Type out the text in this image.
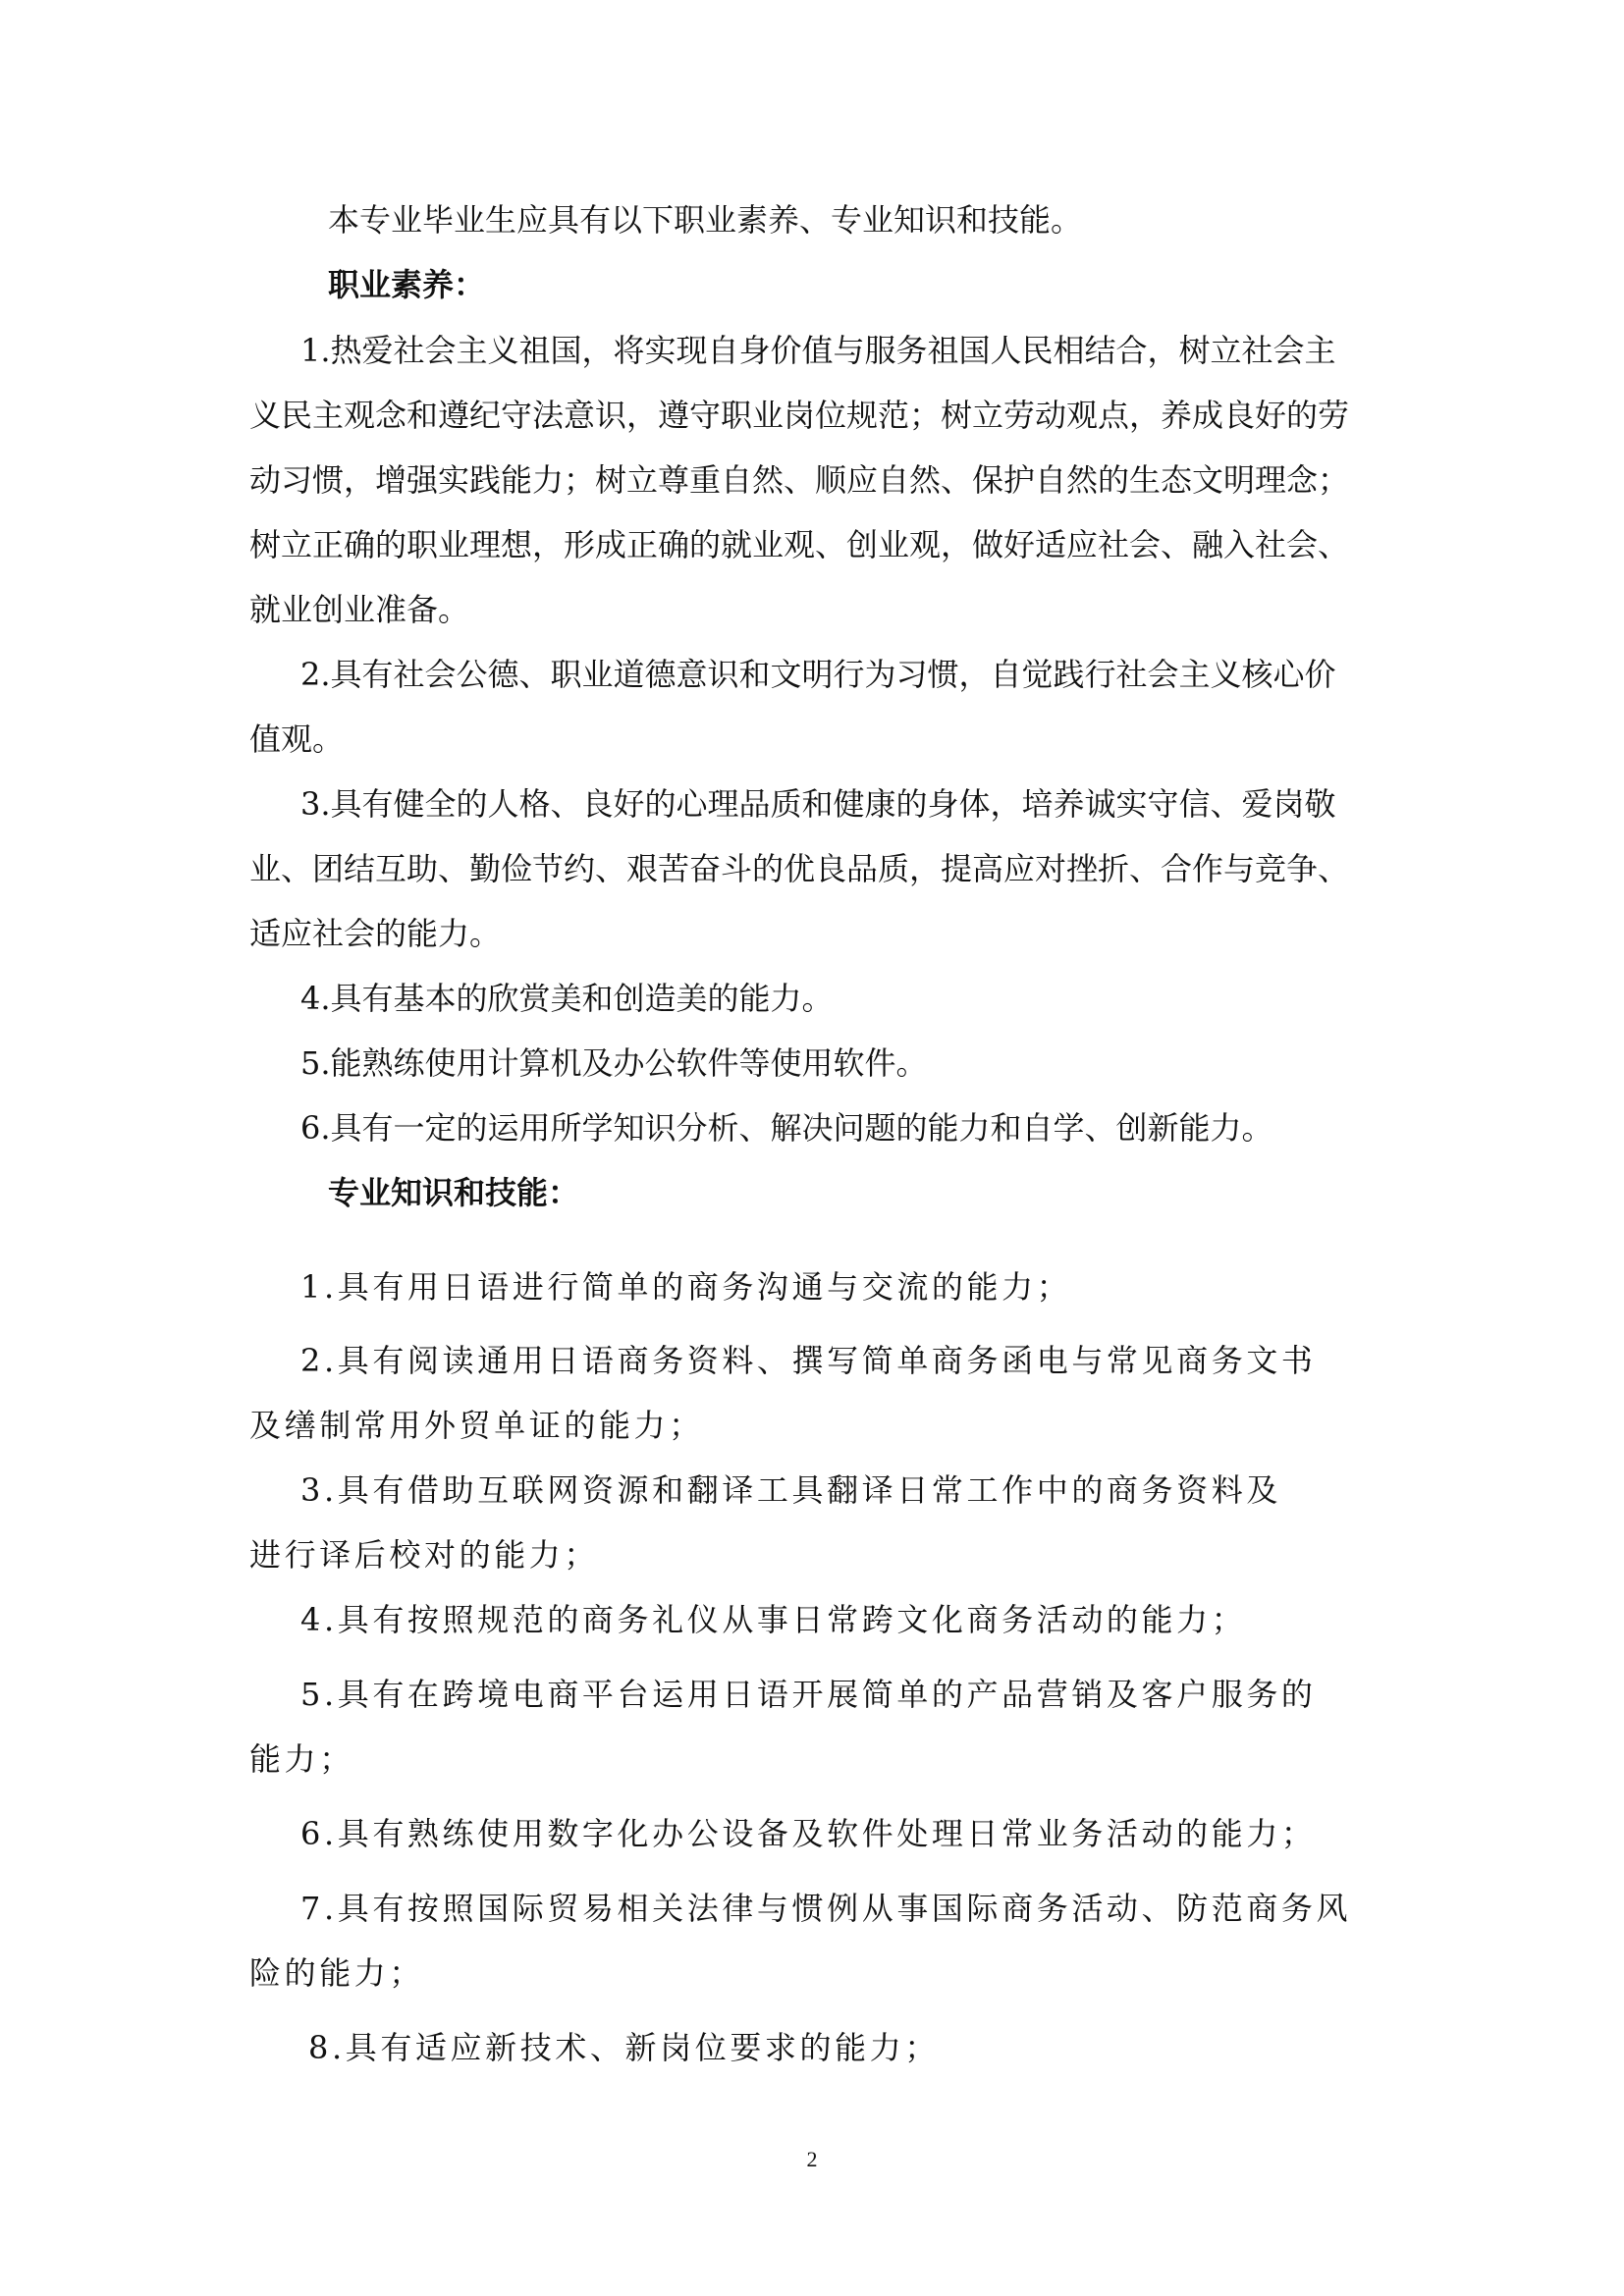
本专业毕业生应具有以下职业素养、专业知识和技能。
职业素养：
1.热爱社会主义祖国，将实现自身价值与服务祖国人民相结合，树立社会主
义民主观念和遵纪守法意识，遵守职业岗位规范；树立劳动观点，养成良好的劳
动习惯，增强实践能力；树立尊重自然、顺应自然、保护自然的生态文明理念；
树立正确的职业理想，形成正确的就业观、创业观，做好适应社会、融入社会、
就业创业准备。
2.具有社会公德、职业道德意识和文明行为习惯，自觉践行社会主义核心价
值观。
3.具有健全的人格、良好的心理品质和健康的身体，培养诚实守信、爱岗敬
业、团结互助、勤俭节约、艰苦奋斗的优良品质，提高应对挫折、合作与竞争、
适应社会的能力。
4.具有基本的欣赏美和创造美的能力。
5.能熟练使用计算机及办公软件等使用软件。
6.具有一定的运用所学知识分析、解决问题的能力和自学、创新能力。
专业知识和技能：
1.具有用日语进行简单的商务沟通与交流的能力；
2.具有阅读通用日语商务资料、撰写简单商务函电与常见商务文书
及缮制常用外贸单证的能力；
3.具有借助互联网资源和翻译工具翻译日常工作中的商务资料及
进行译后校对的能力；
4.具有按照规范的商务礼仪从事日常跨文化商务活动的能力；
5.具有在跨境电商平台运用日语开展简单的产品营销及客户服务的
能力；
6.具有熟练使用数字化办公设备及软件处理日常业务活动的能力；
7.具有按照国际贸易相关法律与惯例从事国际商务活动、防范商务风
险的能力；
8.具有适应新技术、新岗位要求的能力；
2
